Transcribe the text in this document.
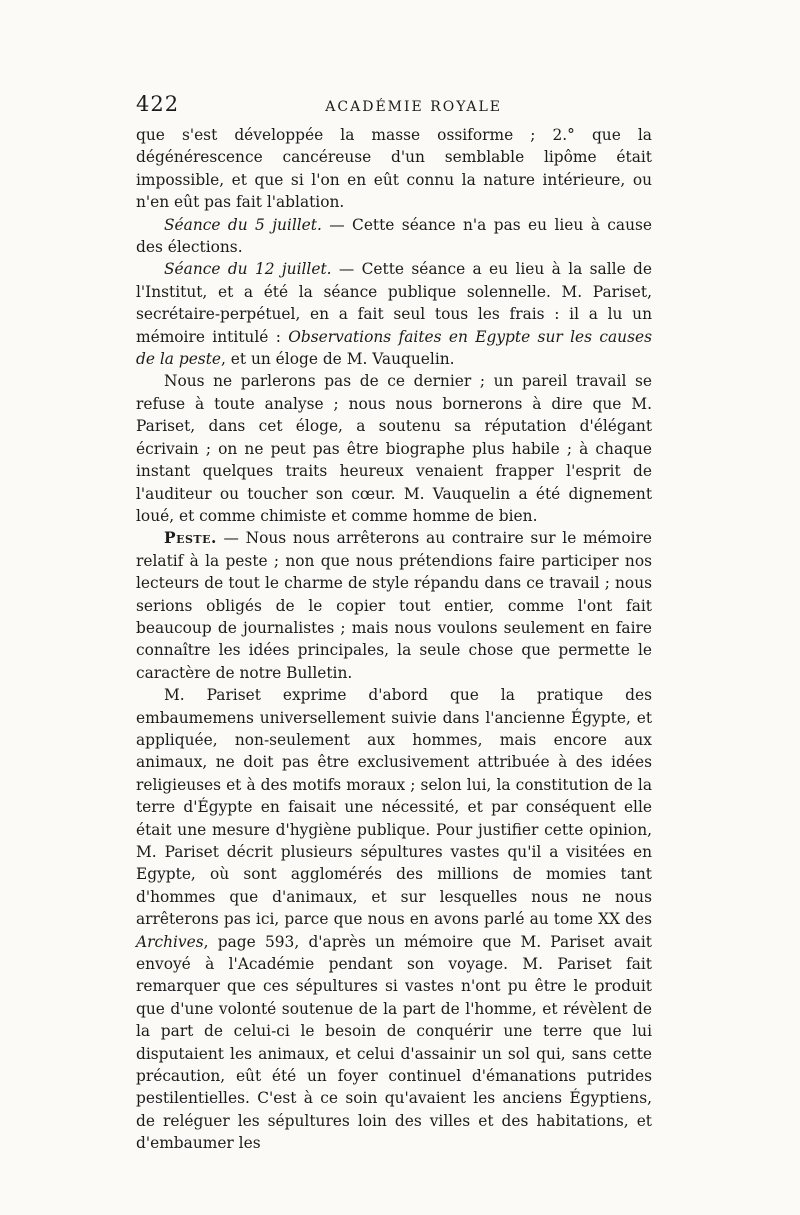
422	ACADÉMIE ROYALE

que s'est développée la masse ossiforme ; 2.° que la dégénérescence cancéreuse d'un semblable lipôme était impossible, et que si l'on en eût connu la nature intérieure, ou n'en eût pas fait l'ablation.

Séance du 5 juillet. — Cette séance n'a pas eu lieu à cause des élections.

Séance du 12 juillet. — Cette séance a eu lieu à la salle de l'Institut, et a été la séance publique solennelle. M. Pariset, secrétaire-perpétuel, en a fait seul tous les frais : il a lu un mémoire intitulé : Observations faites en Egypte sur les causes de la peste, et un éloge de M. Vauquelin.

Nous ne parlerons pas de ce dernier ; un pareil travail se refuse à toute analyse ; nous nous bornerons à dire que M. Pariset, dans cet éloge, a soutenu sa réputation d'élégant écrivain ; on ne peut pas être biographe plus habile ; à chaque instant quelques traits heureux venaient frapper l'esprit de l'auditeur ou toucher son cœur. M. Vauquelin a été dignement loué, et comme chimiste et comme homme de bien.

Peste. — Nous nous arrêterons au contraire sur le mémoire relatif à la peste ; non que nous prétendions faire participer nos lecteurs de tout le charme de style répandu dans ce travail ; nous serions obligés de le copier tout entier, comme l'ont fait beaucoup de journalistes ; mais nous voulons seulement en faire connaître les idées principales, la seule chose que permette le caractère de notre Bulletin.

M. Pariset exprime d'abord que la pratique des embaumemens universellement suivie dans l'ancienne Égypte, et appliquée, non-seulement aux hommes, mais encore aux animaux, ne doit pas être exclusivement attribuée à des idées religieuses et à des motifs moraux ; selon lui, la constitution de la terre d'Égypte en faisait une nécessité, et par conséquent elle était une mesure d'hygiène publique. Pour justifier cette opinion, M. Pariset décrit plusieurs sépultures vastes qu'il a visitées en Egypte, où sont agglomérés des millions de momies tant d'hommes que d'animaux, et sur lesquelles nous ne nous arrêterons pas ici, parce que nous en avons parlé au tome XX des Archives, page 593, d'après un mémoire que M. Pariset avait envoyé à l'Académie pendant son voyage. M. Pariset fait remarquer que ces sépultures si vastes n'ont pu être le produit que d'une volonté soutenue de la part de l'homme, et révèlent de la part de celui-ci le besoin de conquérir une terre que lui disputaient les animaux, et celui d'assainir un sol qui, sans cette précaution, eût été un foyer continuel d'émanations putrides pestilentielles. C'est à ce soin qu'avaient les anciens Égyptiens, de reléguer les sépultures loin des villes et des habitations, et d'embaumer les
